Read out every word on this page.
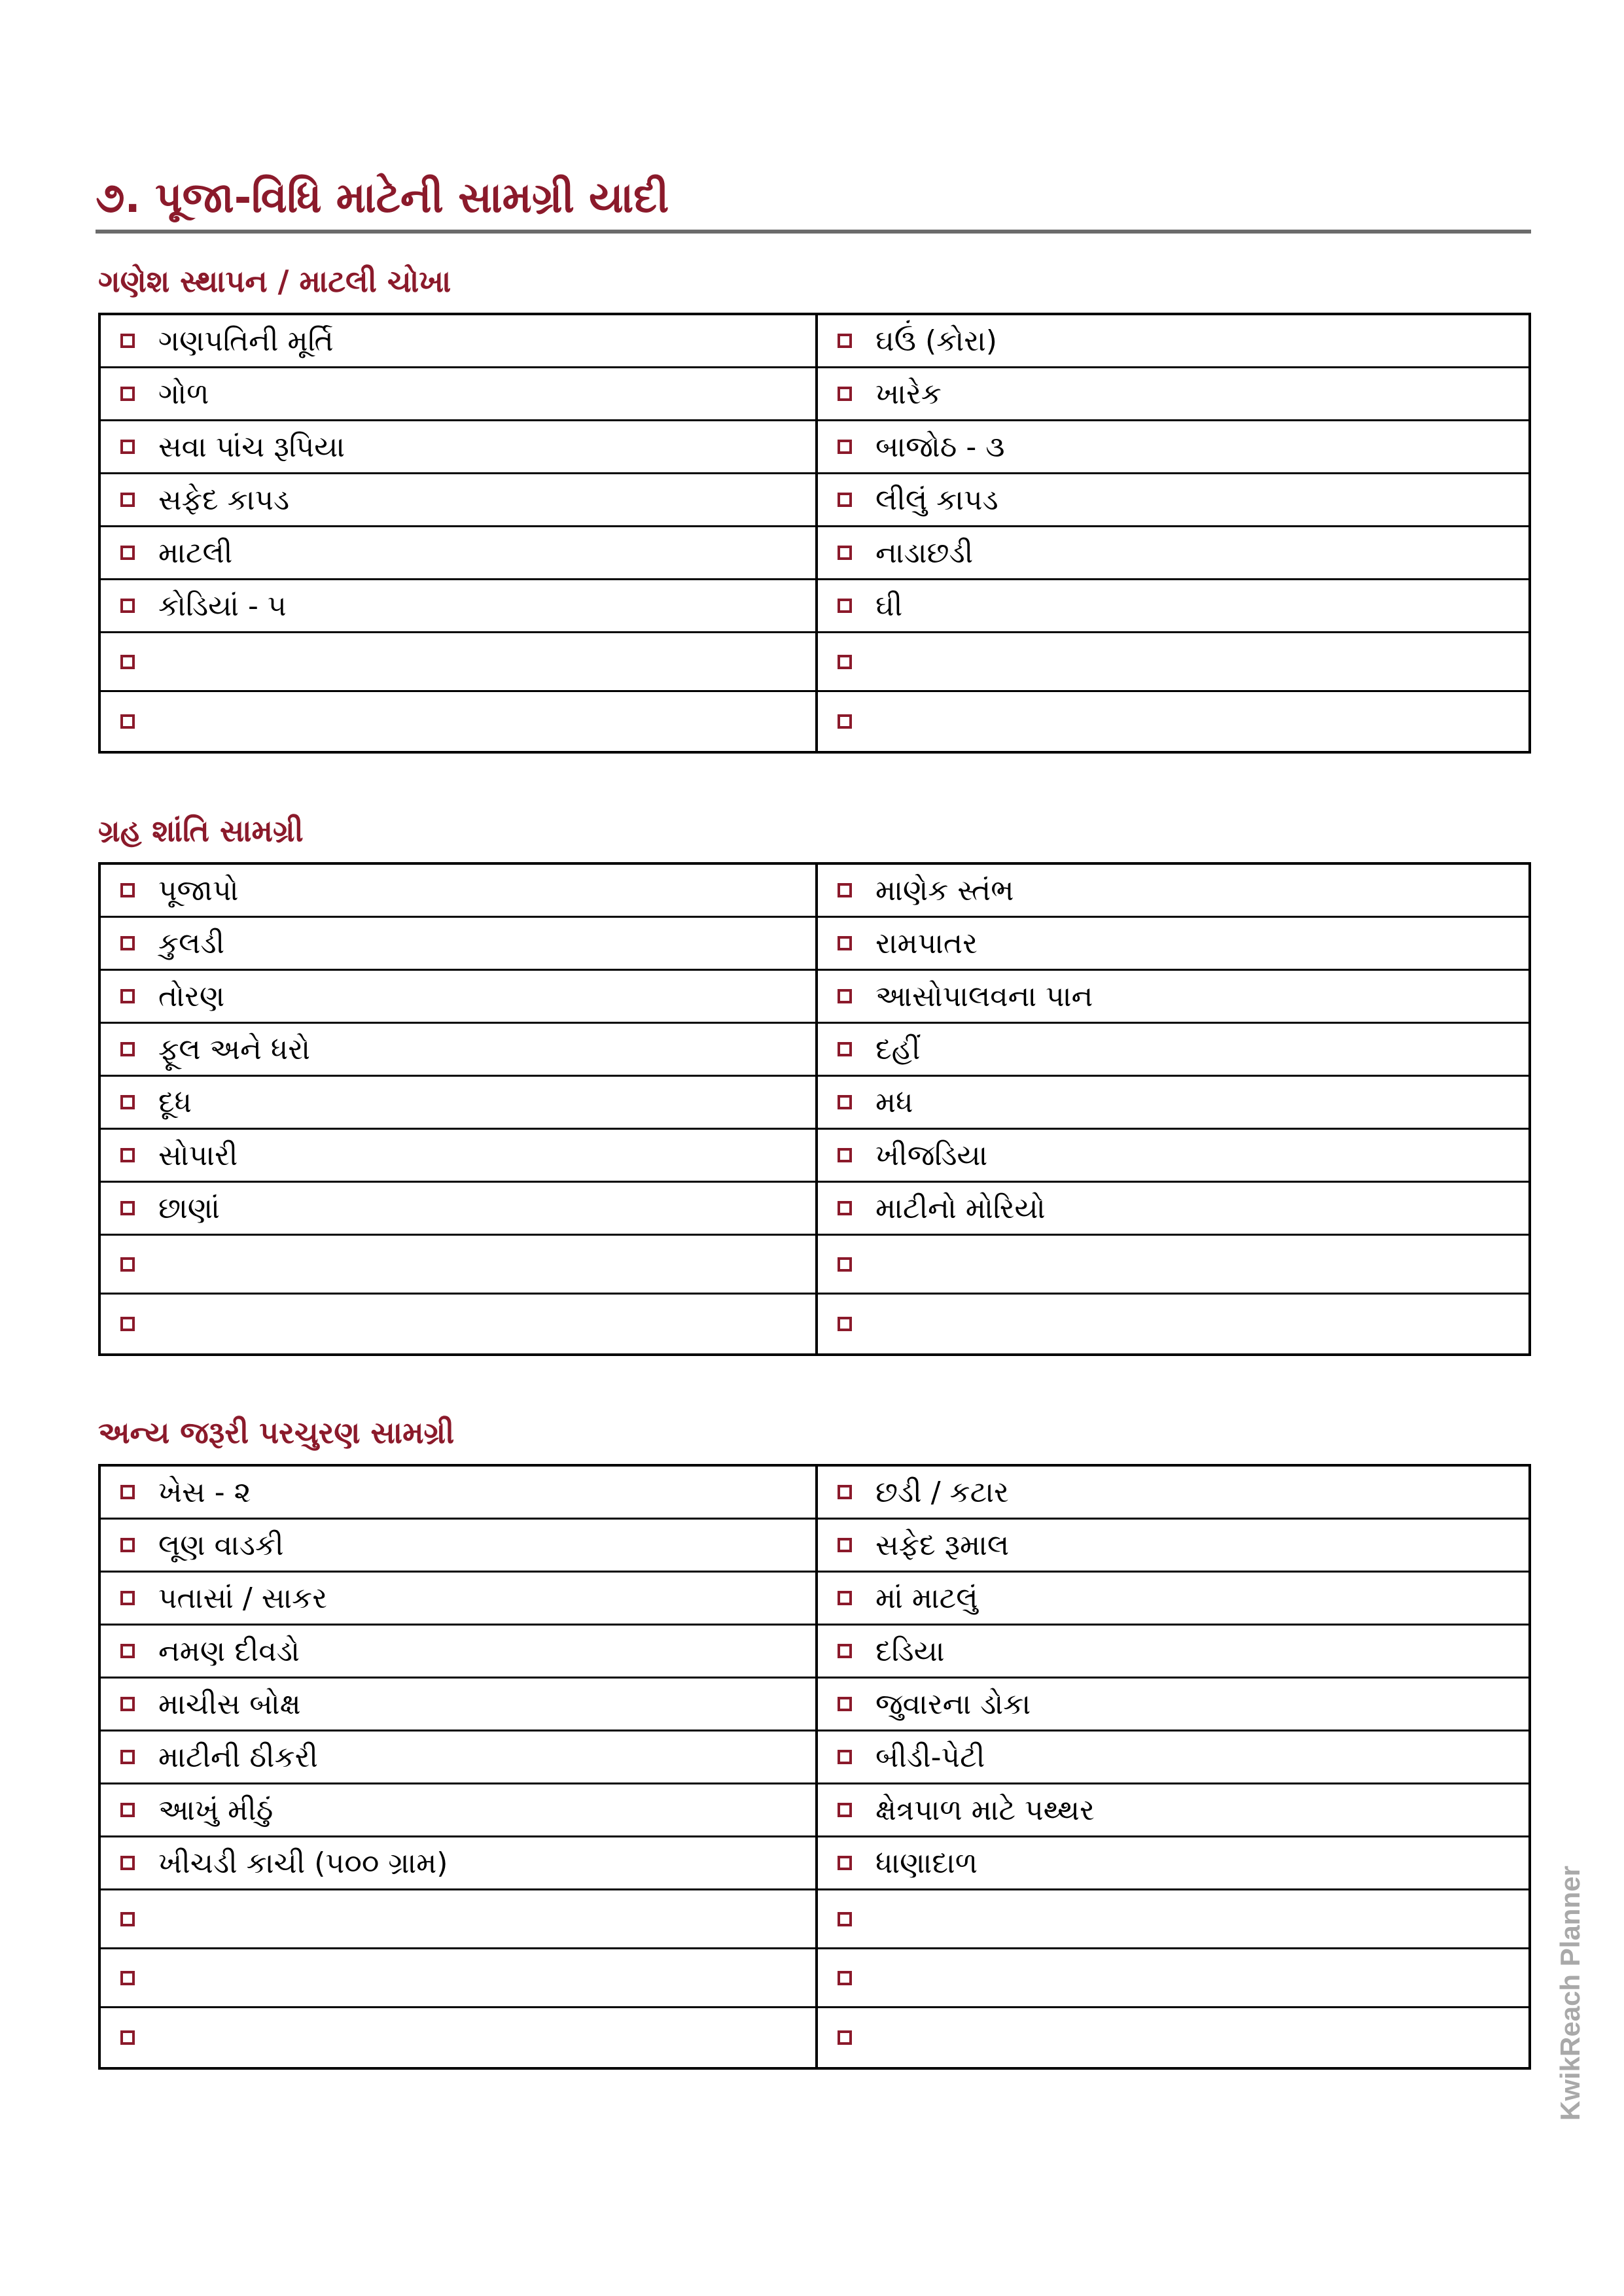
૭. પૂજા-વિધિ માટેની સામગ્રી યાદી
ગણેશ સ્થાપન / માટલી ચોખા
ગણપતિની મૂર્તિ	ઘઉં (કોરા)
ગોળ	ખારેક
સવા પાંચ રૂપિયા	બાજોઠ - ૩
સફેદ કાપડ	લીલું કાપડ
માટલી	નાડાછડી
કોડિયાં - ૫	ઘી
ગ્રહ શાંતિ સામગ્રી
પૂજાપો	માણેક સ્તંભ
કુલડી	રામપાતર
તોરણ	આસોપાલવના પાન
ફૂલ અને ધરો	દહીં
દૂધ	મધ
સોપારી	ખીજડિયા
છાણાં	માટીનો મોરિયો
અન્ય જરૂરી પરચુરણ સામગ્રી
ખેસ - ૨	છડી / કટાર
લૂણ વાડકી	સફેદ રૂમાલ
પતાસાં / સાકર	માં માટલું
નમણ દીવડો	દડિયા
માચીસ બોક્ષ	જુવારના ડોકા
માટીની ઠીકરી	બીડી-પેટી
આખું મીઠું	ક્ષેત્રપાળ માટે પથ્થર
ખીચડી કાચી (૫૦૦ ગ્રામ)	ધાણાદાળ
KwikReach Planner
